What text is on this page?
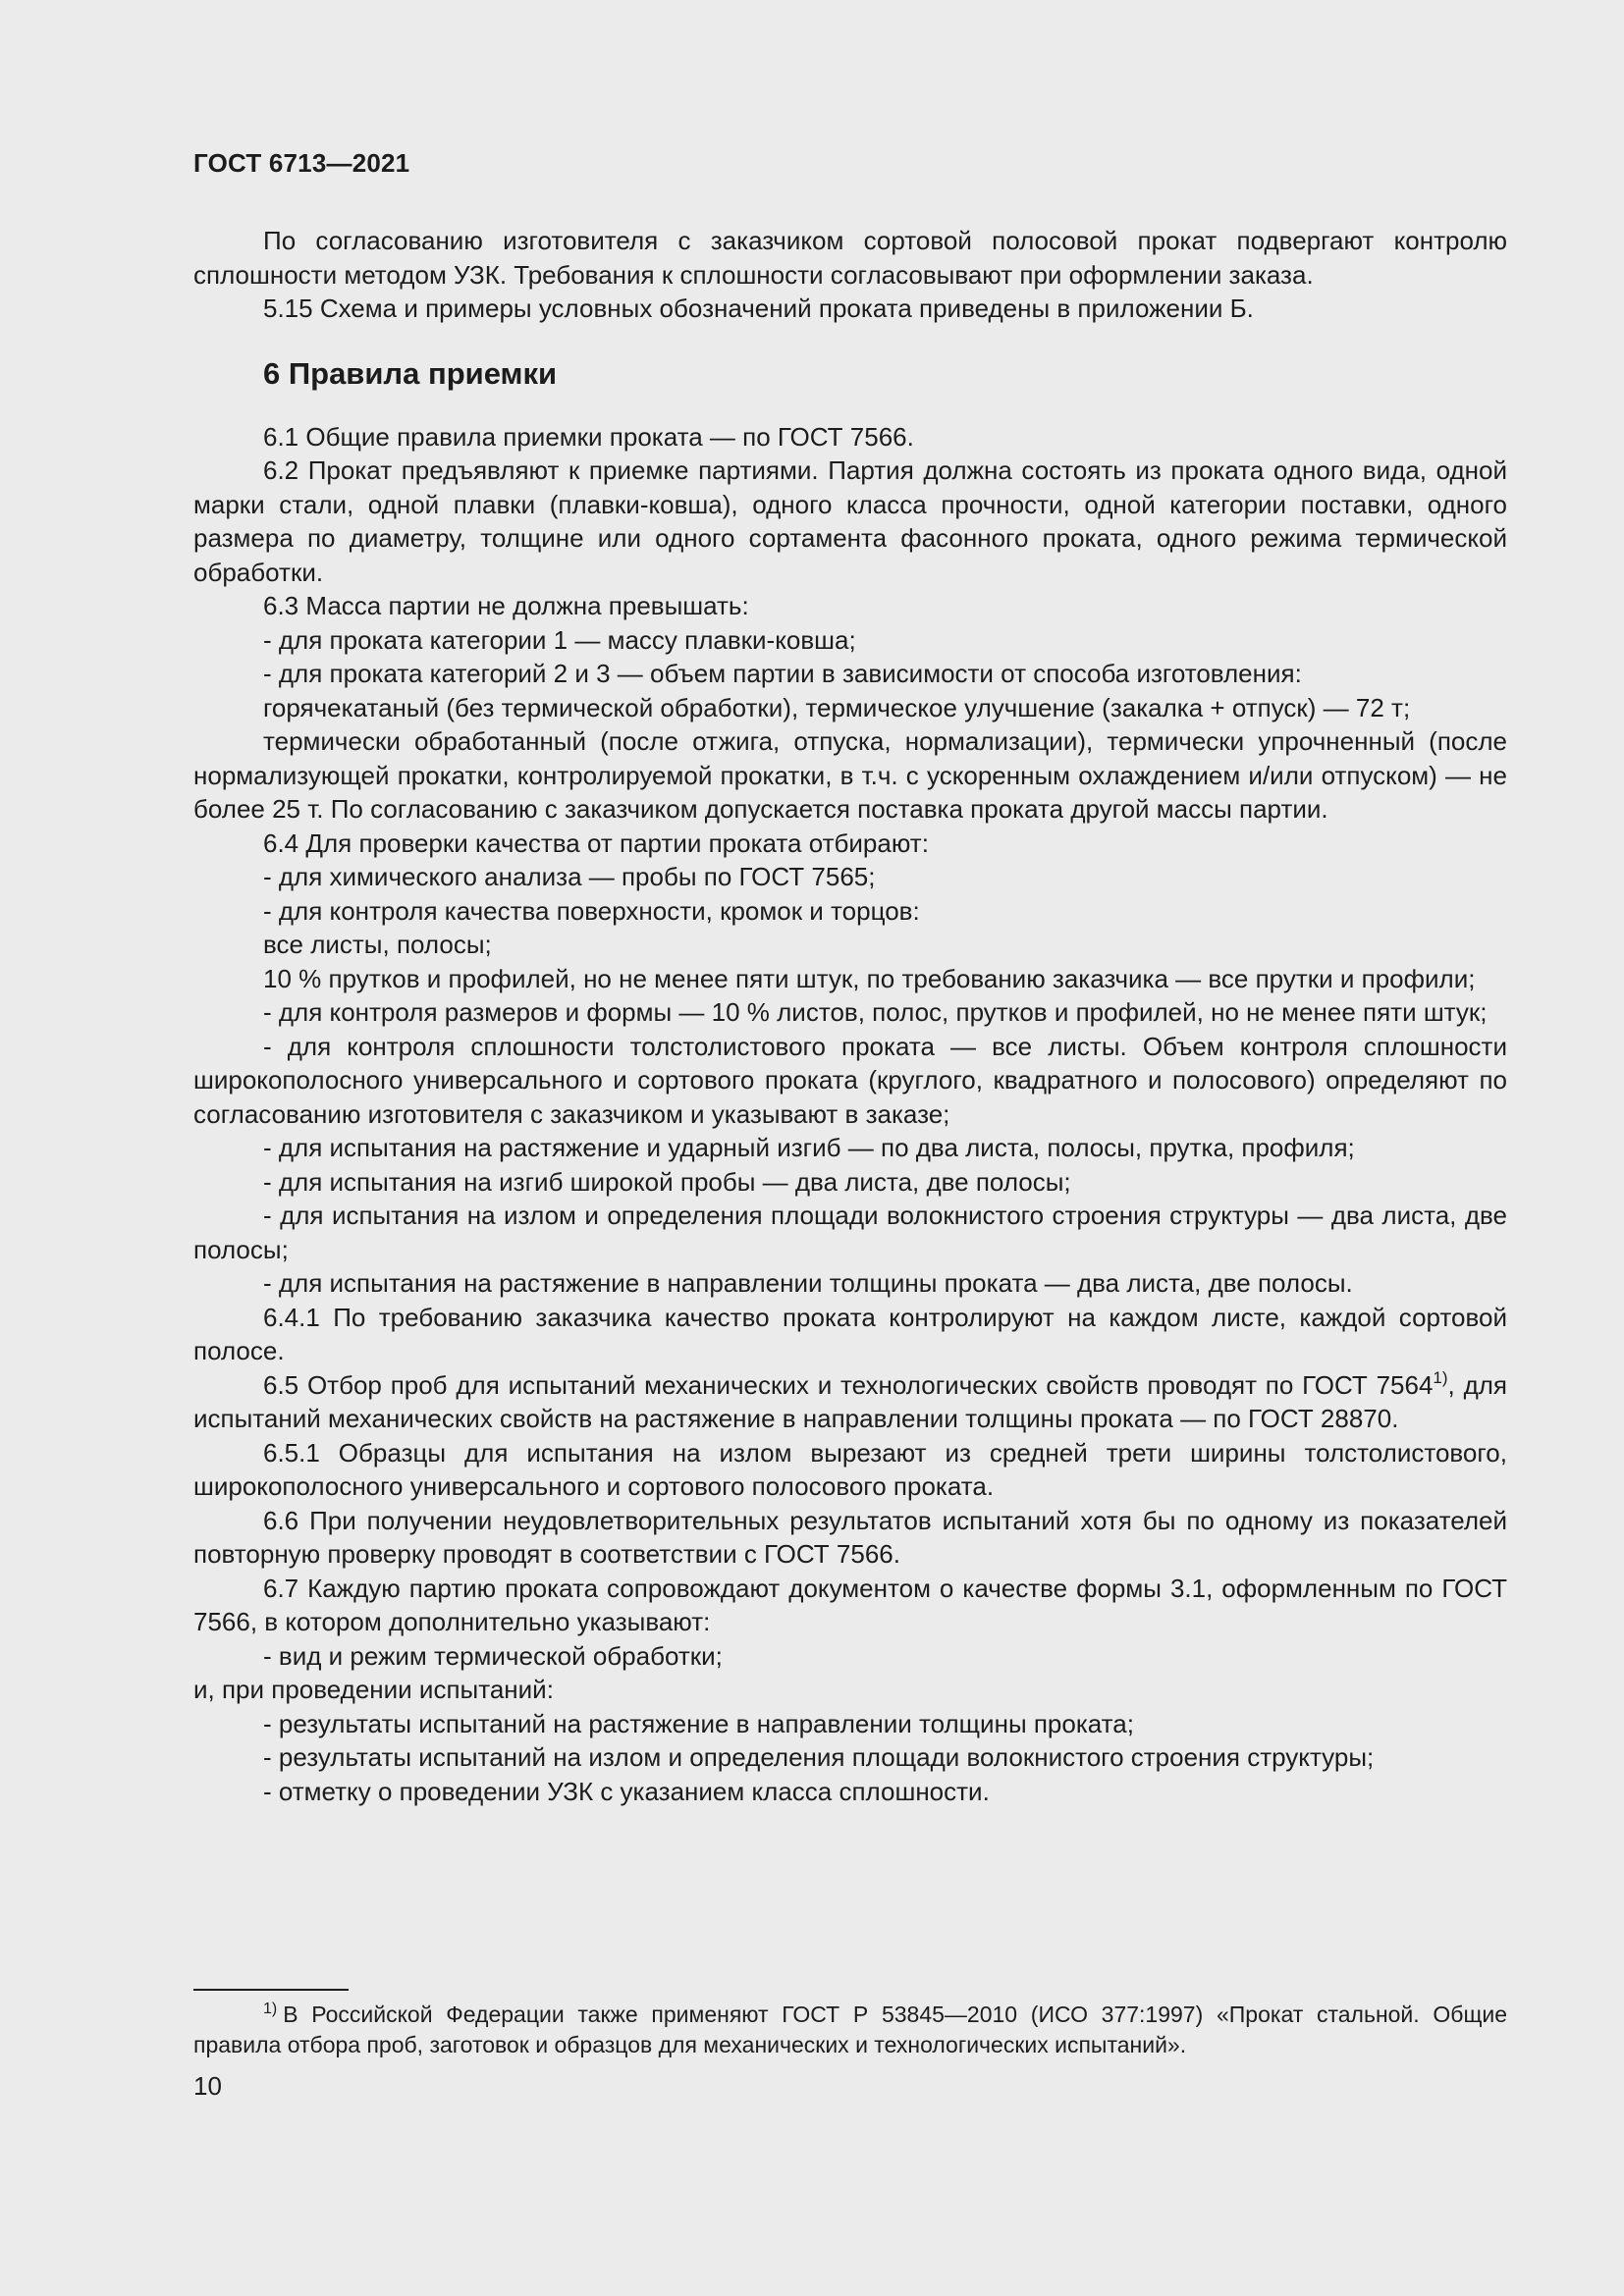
ГОСТ 6713—2021

По согласованию изготовителя с заказчиком сортовой полосовой прокат подвергают контролю сплошности методом УЗК. Требования к сплошности согласовывают при оформлении заказа.

5.15 Схема и примеры условных обозначений проката приведены в приложении Б.

6 Правила приемки

6.1 Общие правила приемки проката — по ГОСТ 7566.

6.2 Прокат предъявляют к приемке партиями. Партия должна состоять из проката одного вида, одной марки стали, одной плавки (плавки-ковша), одного класса прочности, одной категории поставки, одного размера по диаметру, толщине или одного сортамента фасонного проката, одного режима термической обработки.

6.3 Масса партии не должна превышать:

- для проката категории 1 — массу плавки-ковша;

- для проката категорий 2 и 3 — объем партии в зависимости от способа изготовления:

горячекатаный (без термической обработки), термическое улучшение (закалка + отпуск) — 72 т;

термически обработанный (после отжига, отпуска, нормализации), термически упрочненный (после нормализующей прокатки, контролируемой прокатки, в т.ч. с ускоренным охлаждением и/или отпуском) — не более 25 т. По согласованию с заказчиком допускается поставка проката другой массы партии.

6.4 Для проверки качества от партии проката отбирают:

- для химического анализа — пробы по ГОСТ 7565;

- для контроля качества поверхности, кромок и торцов:

все листы, полосы;

10 % прутков и профилей, но не менее пяти штук, по требованию заказчика — все прутки и профили;

- для контроля размеров и формы — 10 % листов, полос, прутков и профилей, но не менее пяти штук;

- для контроля сплошности толстолистового проката — все листы. Объем контроля сплошности широкополосного универсального и сортового проката (круглого, квадратного и полосового) определяют по согласованию изготовителя с заказчиком и указывают в заказе;

- для испытания на растяжение и ударный изгиб — по два листа, полосы, прутка, профиля;

- для испытания на изгиб широкой пробы — два листа, две полосы;

- для испытания на излом и определения площади волокнистого строения структуры — два листа, две полосы;

- для испытания на растяжение в направлении толщины проката — два листа, две полосы.

6.4.1 По требованию заказчика качество проката контролируют на каждом листе, каждой сортовой полосе.

6.5 Отбор проб для испытаний механических и технологических свойств проводят по ГОСТ 7564$^{1)}$, для испытаний механических свойств на растяжение в направлении толщины проката — по ГОСТ 28870.

6.5.1 Образцы для испытания на излом вырезают из средней трети ширины толстолистового, широкополосного универсального и сортового полосового проката.

6.6 При получении неудовлетворительных результатов испытаний хотя бы по одному из показателей повторную проверку проводят в соответствии с ГОСТ 7566.

6.7 Каждую партию проката сопровождают документом о качестве формы 3.1, оформленным по ГОСТ 7566, в котором дополнительно указывают:

- вид и режим термической обработки;

и, при проведении испытаний:

- результаты испытаний на растяжение в направлении толщины проката;

- результаты испытаний на излом и определения площади волокнистого строения структуры;

- отметку о проведении УЗК с указанием класса сплошности.

$^{1)}$ В Российской Федерации также применяют ГОСТ Р 53845—2010 (ИСО 377:1997) «Прокат стальной. Общие правила отбора проб, заготовок и образцов для механических и технологических испытаний».
10
